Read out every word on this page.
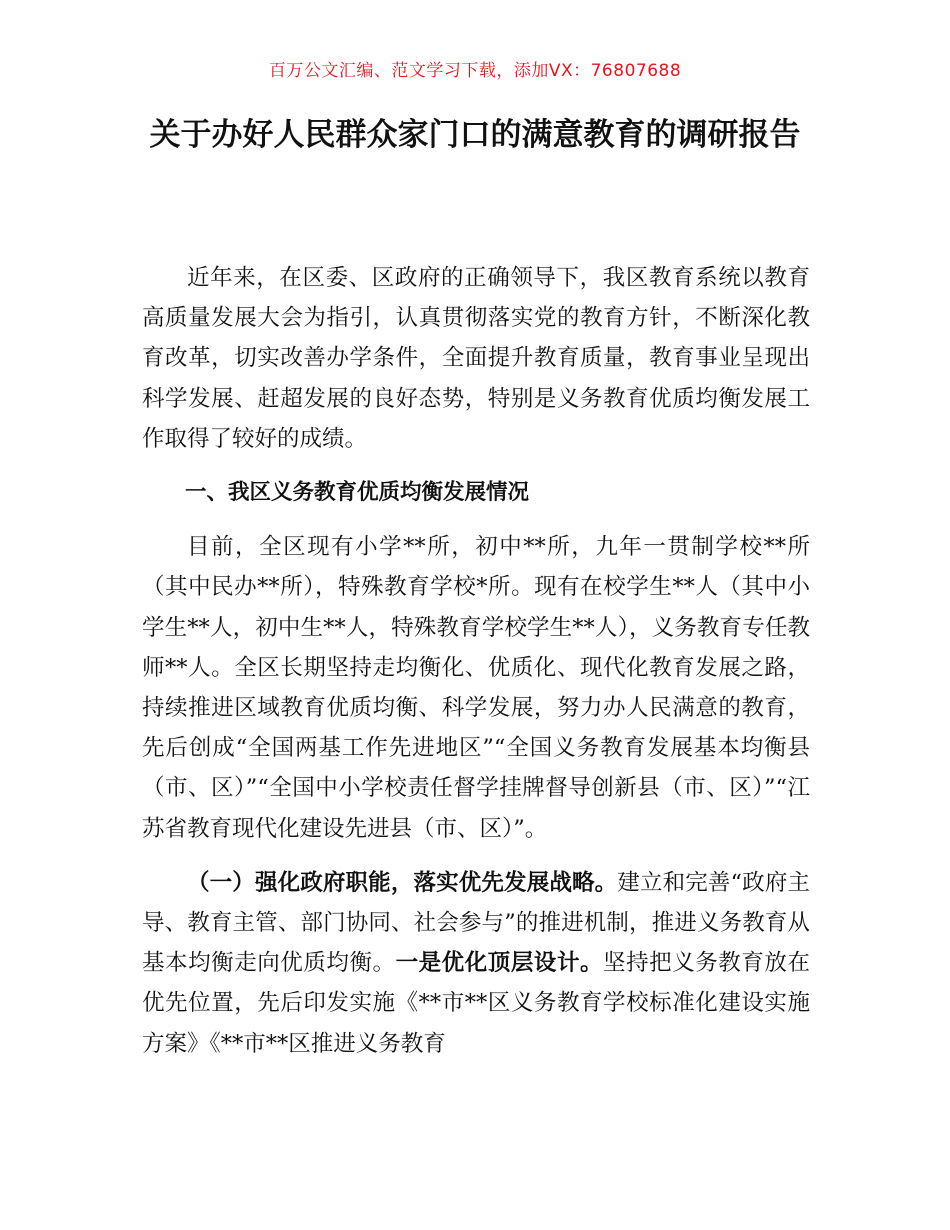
百万公文汇编、范文学习下载，添加VX：76807688
关于办好人民群众家门口的满意教育的调研报告

近年来，在区委、区政府的正确领导下，我区教育系统以教育高质量发展大会为指引，认真贯彻落实党的教育方针，不断深化教育改革，切实改善办学条件，全面提升教育质量，教育事业呈现出科学发展、赶超发展的良好态势，特别是义务教育优质均衡发展工作取得了较好的成绩。

一、我区义务教育优质均衡发展情况

目前，全区现有小学**所，初中**所，九年一贯制学校**所（其中民办**所），特殊教育学校*所。现有在校学生**人（其中小学生**人，初中生**人，特殊教育学校学生**人），义务教育专任教师**人。全区长期坚持走均衡化、优质化、现代化教育发展之路，持续推进区域教育优质均衡、科学发展，努力办人民满意的教育，先后创成“全国两基工作先进地区”“全国义务教育发展基本均衡县（市、区）”“全国中小学校责任督学挂牌督导创新县（市、区）”“江苏省教育现代化建设先进县（市、区）”。

（一）强化政府职能，落实优先发展战略。建立和完善“政府主导、教育主管、部门协同、社会参与”的推进机制，推进义务教育从基本均衡走向优质均衡。一是优化顶层设计。坚持把义务教育放在优先位置，先后印发实施《**市**区义务教育学校标准化建设实施方案》《**市**区推进义务教育
